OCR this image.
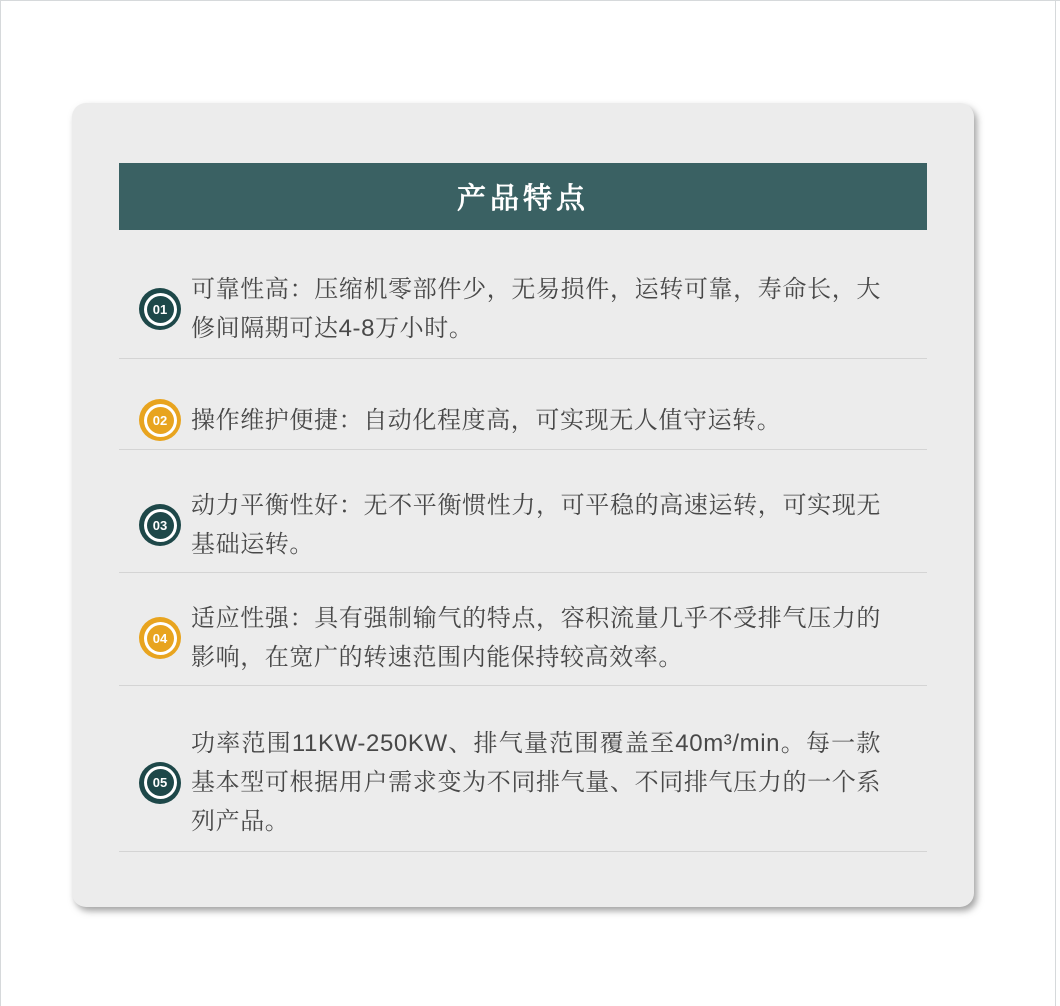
产品特点
01

可靠性高：压缩机零部件少，无易损件，运转可靠，寿命长，大修间隔期可达4-8万小时。

02 操作维护便捷：自动化程度高，可实现无人值守运转。

03

动力平衡性好：无不平衡惯性力，可平稳的高速运转，可实现无基础运转。

04

适应性强：具有强制输气的特点，容积流量几乎不受排气压力的影响，在宽广的转速范围内能保持较高效率。

05

功率范围11KW-250KW、排气量范围覆盖至40m³/min。每一款基本型可根据用户需求变为不同排气量、不同排气压力的一个系列产品。
